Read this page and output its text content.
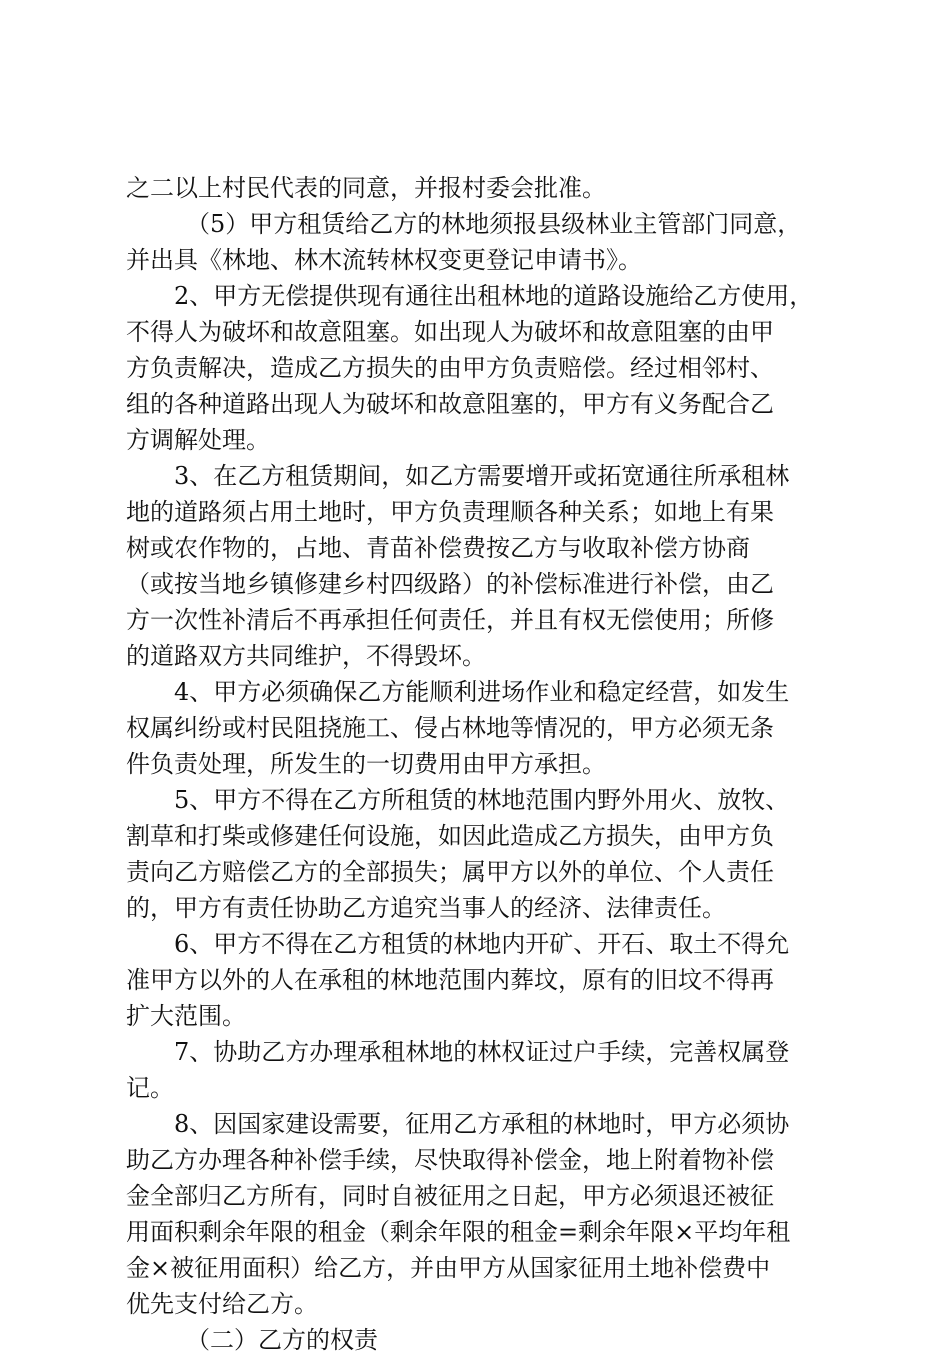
之二以上村民代表的同意，并报村委会批准。
（5）甲方租赁给乙方的林地须报县级林业主管部门同意，
并出具《林地、林木流转林权变更登记申请书》。
2、甲方无偿提供现有通往出租林地的道路设施给乙方使用，
不得人为破坏和故意阻塞。如出现人为破坏和故意阻塞的由甲
方负责解决，造成乙方损失的由甲方负责赔偿。经过相邻村、
组的各种道路出现人为破坏和故意阻塞的，甲方有义务配合乙
方调解处理。
3、在乙方租赁期间，如乙方需要增开或拓宽通往所承租林
地的道路须占用土地时，甲方负责理顺各种关系；如地上有果
树或农作物的，占地、青苗补偿费按乙方与收取补偿方协商
（或按当地乡镇修建乡村四级路）的补偿标准进行补偿，由乙
方一次性补清后不再承担任何责任，并且有权无偿使用；所修
的道路双方共同维护，不得毁坏。
4、甲方必须确保乙方能顺利进场作业和稳定经营，如发生
权属纠纷或村民阻挠施工、侵占林地等情况的，甲方必须无条
件负责处理，所发生的一切费用由甲方承担。
5、甲方不得在乙方所租赁的林地范围内野外用火、放牧、
割草和打柴或修建任何设施，如因此造成乙方损失，由甲方负
责向乙方赔偿乙方的全部损失；属甲方以外的单位、个人责任
的，甲方有责任协助乙方追究当事人的经济、法律责任。
6、甲方不得在乙方租赁的林地内开矿、开石、取土不得允
准甲方以外的人在承租的林地范围内葬坟，原有的旧坟不得再
扩大范围。
7、协助乙方办理承租林地的林权证过户手续，完善权属登
记。
8、因国家建设需要，征用乙方承租的林地时，甲方必须协
助乙方办理各种补偿手续，尽快取得补偿金，地上附着物补偿
金全部归乙方所有，同时自被征用之日起，甲方必须退还被征
用面积剩余年限的租金（剩余年限的租金=剩余年限×平均年租
金×被征用面积）给乙方，并由甲方从国家征用土地补偿费中
优先支付给乙方。
（二）乙方的权责
